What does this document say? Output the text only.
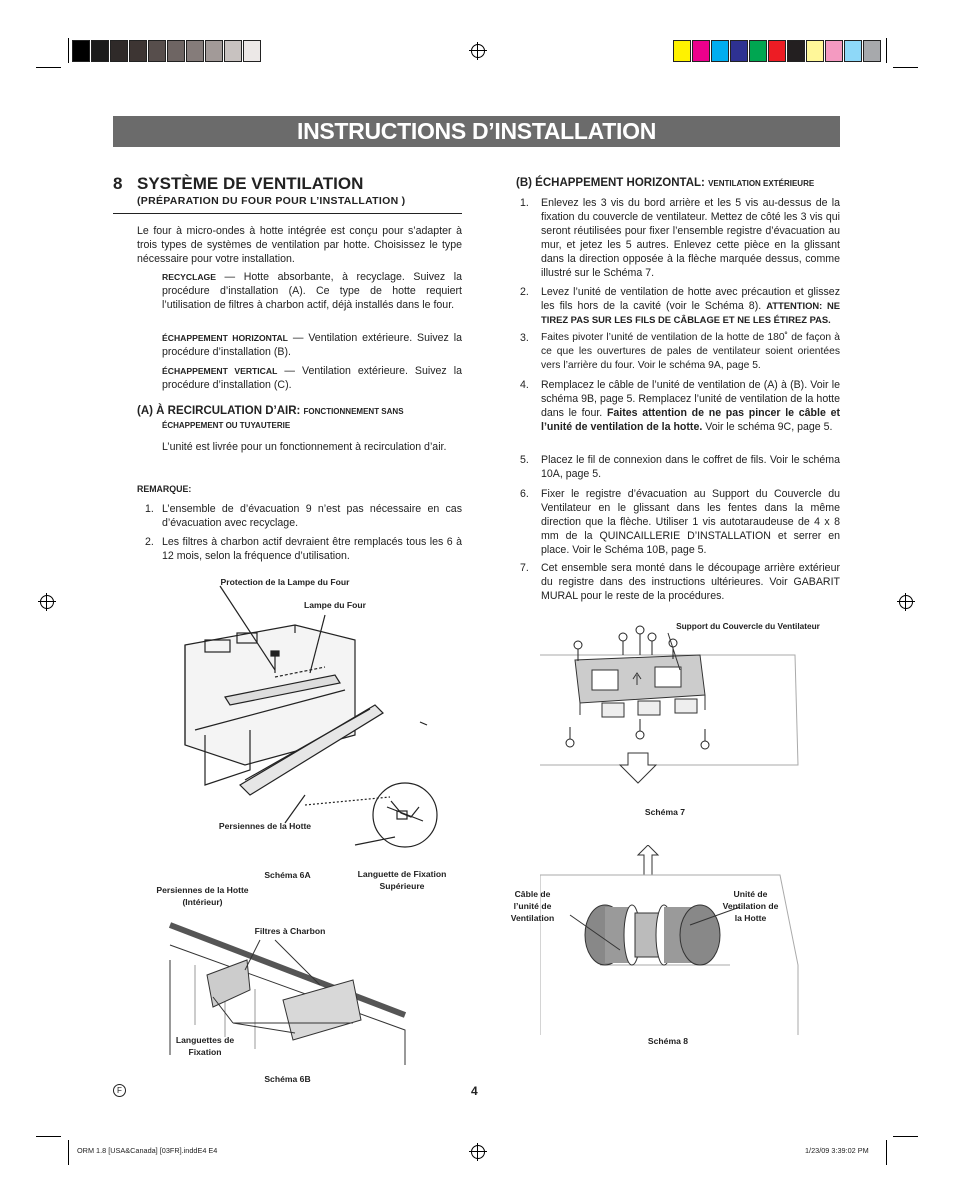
INSTRUCTIONS D’INSTALLATION
8 SYSTÈME DE VENTILATION
(PRÉPARATION DU FOUR POUR L’INSTALLATION )
Le four à micro-ondes à hotte intégrée est conçu pour s’adapter à trois types de systèmes de ventilation par hotte. Choisissez le type nécessaire pour votre installation.
RECYCLAGE — Hotte absorbante, à recyclage. Suivez la procédure d’installation (A). Ce type de hotte requiert l’utilisation de filtres à charbon actif, déjà installés dans le four.
ÉCHAPPEMENT HORIZONTAL — Ventilation extérieure. Suivez la procédure d’installation (B).
ÉCHAPPEMENT VERTICAL — Ventilation extérieure. Suivez la procédure d’installation (C).
(A) À RECIRCULATION D’AIR: FONCTIONNEMENT SANS
ÉCHAPPEMENT OU TUYAUTERIE
L’unité est livrée pour un fonctionnement à recirculation d’air.
REMARQUE:
1. L’ensemble de d’évacuation 9 n’est pas nécessaire en cas d’évacuation avec recyclage.
2. Les filtres à charbon actif devraient être remplacés tous les 6 à 12 mois, selon la fréquence d’utilisation.
Protection de la Lampe du Four
Lampe du Four
Persiennes de la Hotte
Schéma 6A	Languette de Fixation Supérieure
Persiennes de la Hotte (Intérieur)
Filtres à Charbon
Languettes de Fixation
Schéma 6B
(B) ÉCHAPPEMENT HORIZONTAL: VENTILATION EXTÉRIEURE
1.	Enlevez les 3 vis du bord arrière et les 5 vis au-dessus de la fixation du couvercle de ventilateur. Mettez de côté les 3 vis qui seront réutilisées pour fixer l’ensemble registre d’évacuation au mur, et jetez les 5 autres. Enlevez cette pièce en la glissant dans la direction opposée à la flèche marquée dessus, comme illustré sur le Schéma 7.
2.	Levez l’unité de ventilation de hotte avec précaution et glissez les fils hors de la cavité (voir le Schéma 8). ATTENTION: NE TIREZ PAS SUR LES FILS DE CÂBLAGE ET NE LES ÉTIREZ PAS.
3.	Faites pivoter l’unité de ventilation de la hotte de 180˚ de façon à ce que les ouvertures de pales de ventilateur soient orientées vers l’arrière du four. Voir le schéma 9A, page 5.
4.	Remplacez le câble de l’unité de ventilation de (A) à (B). Voir le schéma 9B, page 5. Remplacez l’unité de ventilation de la hotte dans le four. Faites attention de ne pas pincer le câble et l’unité de ventilation de la hotte. Voir le schéma 9C, page 5.
5.	Placez le fil de connexion dans le coffret de fils. Voir le schéma 10A, page 5.
6.	Fixer le registre d’évacuation au Support du Couvercle du Ventilateur en le glissant dans les fentes dans la même direction que la flèche. Utiliser 1 vis autotaraudeuse de 4 x 8 mm de la QUINCAILLERIE D’INSTALLATION et serrer en place. Voir le Schéma 10B, page 5.
7.	Cet ensemble sera monté dans le découpage arrière extérieur du registre dans des instructions ultérieures. Voir GABARIT MURAL pour le reste de la procédures.
Support du Couvercle du Ventilateur
Schéma 7
Câble de l’unité de Ventilation
Unité de Ventilation de la Hotte
Schéma 8
F	4
ORM 1.8 [USA&Canada] [03FR].inddE4 E4	1/23/09 3:39:02 PM
